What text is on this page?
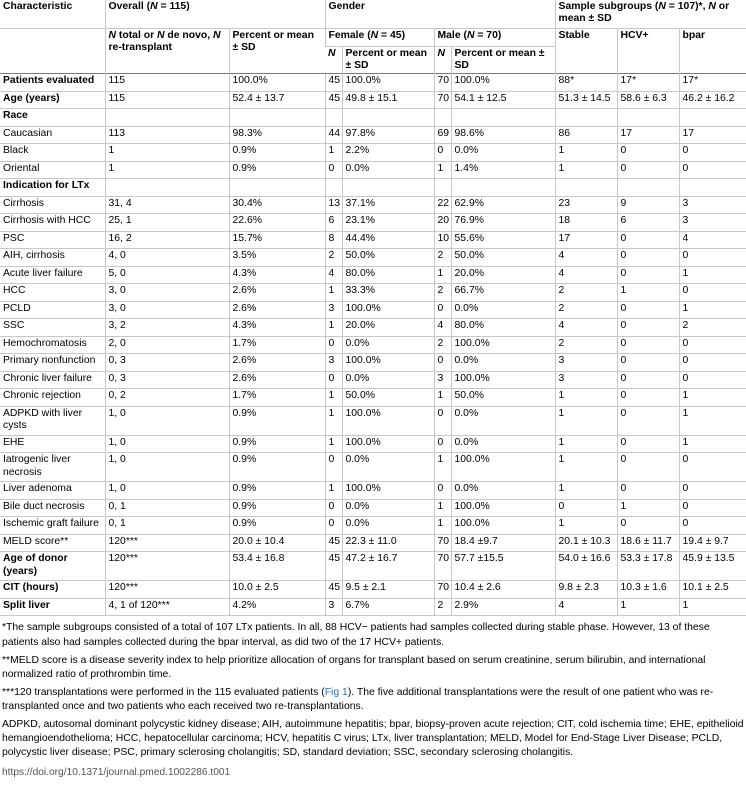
Characteristic	Overall (N = 115)		Gender				Sample subgroups (N = 107)*, N or mean ± SD		
	N total or N de novo, N re-transplant	Percent or mean ± SD	Female (N = 45)		Male (N = 70)		Stable	HCV+	bpar
			N	Percent or mean ± SD	N	Percent or mean ± SD			
Patients evaluated	115	100.0%	45	100.0%	70	100.0%	88*	17*	17*
Age (years)	115	52.4 ± 13.7	45	49.8 ± 15.1	70	54.1 ± 12.5	51.3 ± 14.5	58.6 ± 6.3	46.2 ± 16.2
Race									
Caucasian	113	98.3%	44	97.8%	69	98.6%	86	17	17
Black	1	0.9%	1	2.2%	0	0.0%	1	0	0
Oriental	1	0.9%	0	0.0%	1	1.4%	1	0	0
Indication for LTx									
Cirrhosis	31, 4	30.4%	13	37.1%	22	62.9%	23	9	3
Cirrhosis with HCC	25, 1	22.6%	6	23.1%	20	76.9%	18	6	3
PSC	16, 2	15.7%	8	44.4%	10	55.6%	17	0	4
AIH, cirrhosis	4, 0	3.5%	2	50.0%	2	50.0%	4	0	0
Acute liver failure	5, 0	4.3%	4	80.0%	1	20.0%	4	0	1
HCC	3, 0	2.6%	1	33.3%	2	66.7%	2	1	0
PCLD	3, 0	2.6%	3	100.0%	0	0.0%	2	0	1
SSC	3, 2	4.3%	1	20.0%	4	80.0%	4	0	2
Hemochromatosis	2, 0	1.7%	0	0.0%	2	100.0%	2	0	0
Primary nonfunction	0, 3	2.6%	3	100.0%	0	0.0%	3	0	0
Chronic liver failure	0, 3	2.6%	0	0.0%	3	100.0%	3	0	0
Chronic rejection	0, 2	1.7%	1	50.0%	1	50.0%	1	0	1
ADPKD with liver cysts	1, 0	0.9%	1	100.0%	0	0.0%	1	0	1
EHE	1, 0	0.9%	1	100.0%	0	0.0%	1	0	1
Iatrogenic liver necrosis	1, 0	0.9%	0	0.0%	1	100.0%	1	0	0
Liver adenoma	1, 0	0.9%	1	100.0%	0	0.0%	1	0	0
Bile duct necrosis	0, 1	0.9%	0	0.0%	1	100.0%	0	1	0
Ischemic graft failure	0, 1	0.9%	0	0.0%	1	100.0%	1	0	0
MELD score**	120***	20.0 ± 10.4	45	22.3 ± 11.0	70	18.4 ±9.7	20.1 ± 10.3	18.6 ± 11.7	19.4 ± 9.7
Age of donor (years)	120***	53.4 ± 16.8	45	47.2 ± 16.7	70	57.7 ±15.5	54.0 ± 16.6	53.3 ± 17.8	45.9 ± 13.5
CIT (hours)	120***	10.0 ± 2.5	45	9.5 ± 2.1	70	10.4 ± 2.6	9.8 ± 2.3	10.3 ± 1.6	10.1 ± 2.5
Split liver	4, 1 of 120***	4.2%	3	6.7%	2	2.9%	4	1	1

*The sample subgroups consisted of a total of 107 LTx patients. In all, 88 HCV− patients had samples collected during stable phase. However, 13 of these patients also had samples collected during the bpar interval, as did two of the 17 HCV+ patients.

**MELD score is a disease severity index to help prioritize allocation of organs for transplant based on serum creatinine, serum bilirubin, and international normalized ratio of prothrombin time.

***120 transplantations were performed in the 115 evaluated patients (Fig 1). The five additional transplantations were the result of one patient who was re-transplanted once and two patients who each received two re-transplantations.

ADPKD, autosomal dominant polycystic kidney disease; AIH, autoimmune hepatitis; bpar, biopsy-proven acute rejection; CIT, cold ischemia time; EHE, epithelioid hemangioendothelioma; HCC, hepatocellular carcinoma; HCV, hepatitis C virus; LTx, liver transplantation; MELD, Model for End-Stage Liver Disease; PCLD, polycystic liver disease; PSC, primary sclerosing cholangitis; SD, standard deviation; SSC, secondary sclerosing cholangitis.

https://doi.org/10.1371/journal.pmed.1002286.t001
